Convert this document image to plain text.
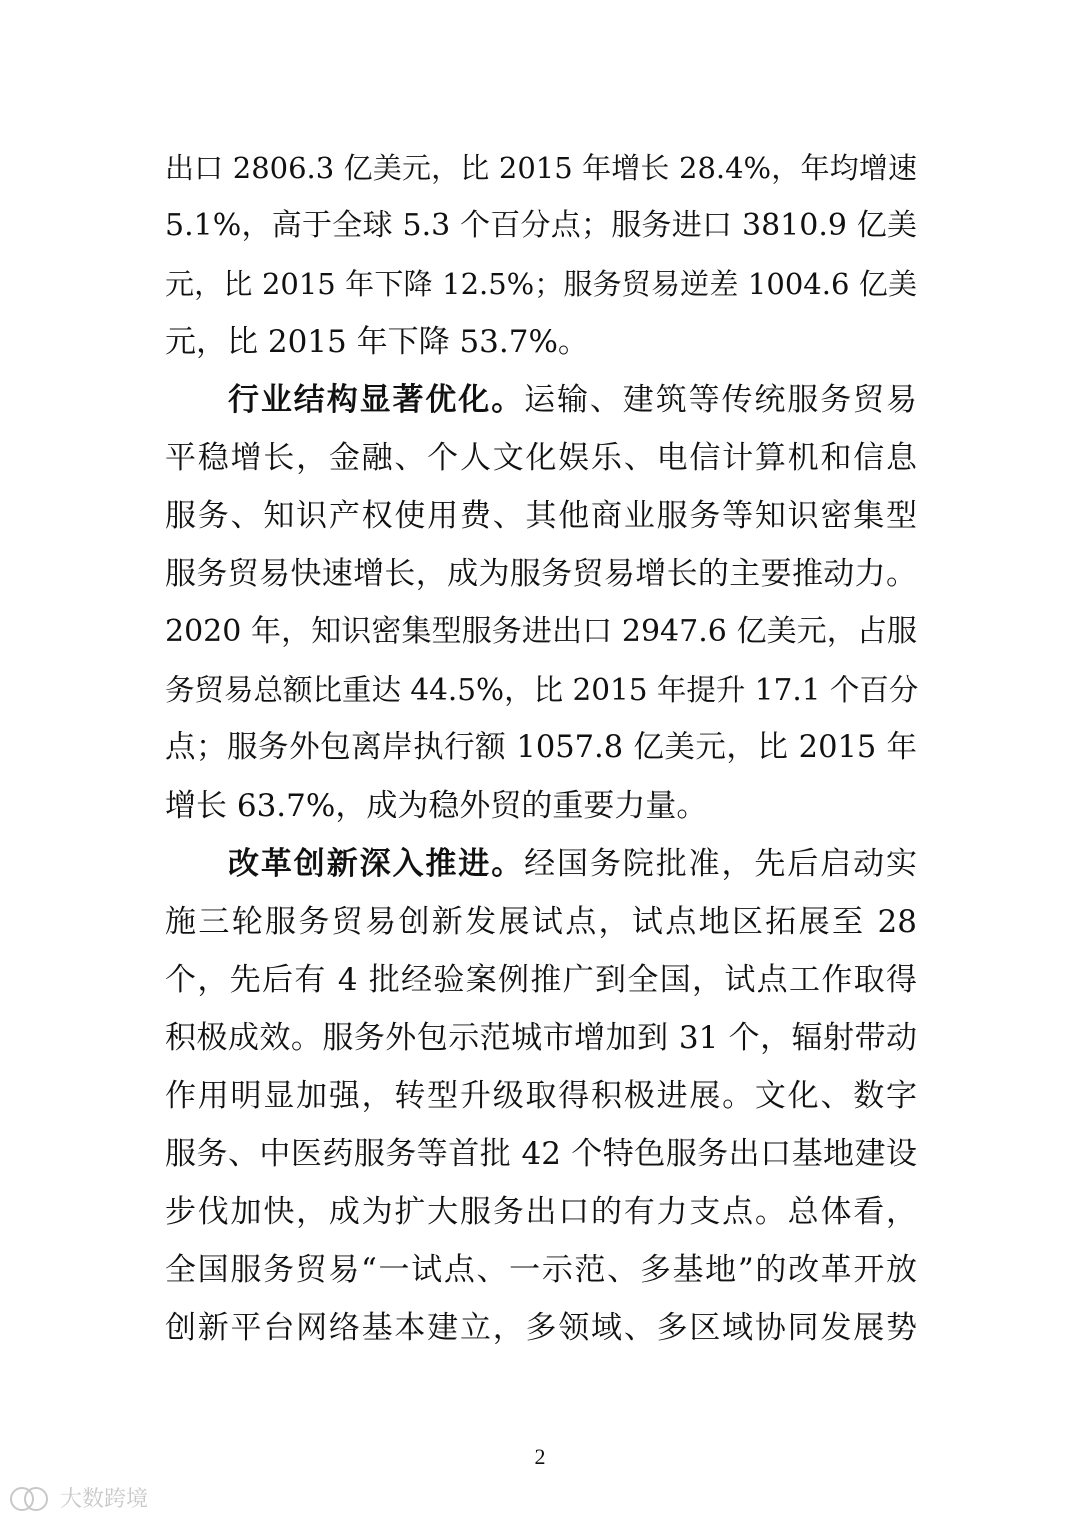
出口 2806.3 亿美元，比 2015 年增长 28.4%，年均增速
5.1%，高于全球 5.3 个百分点；服务进口 3810.9 亿美
元，比 2015 年下降 12.5%；服务贸易逆差 1004.6 亿美
元，比 2015 年下降 53.7%。
行业结构显著优化。运输、建筑等传统服务贸易
平稳增长，金融、个人文化娱乐、电信计算机和信息
服务、知识产权使用费、其他商业服务等知识密集型
服务贸易快速增长，成为服务贸易增长的主要推动力。
2020 年，知识密集型服务进出口 2947.6 亿美元，占服
务贸易总额比重达 44.5%，比 2015 年提升 17.1 个百分
点；服务外包离岸执行额 1057.8 亿美元，比 2015 年
增长 63.7%，成为稳外贸的重要力量。
改革创新深入推进。经国务院批准，先后启动实
施三轮服务贸易创新发展试点，试点地区拓展至 28
个，先后有 4 批经验案例推广到全国，试点工作取得
积极成效。服务外包示范城市增加到 31 个，辐射带动
作用明显加强，转型升级取得积极进展。文化、数字
服务、中医药服务等首批 42 个特色服务出口基地建设
步伐加快，成为扩大服务出口的有力支点。总体看，
全国服务贸易“一试点、一示范、多基地”的改革开放
创新平台网络基本建立，多领域、多区域协同发展势
2
大数跨境
